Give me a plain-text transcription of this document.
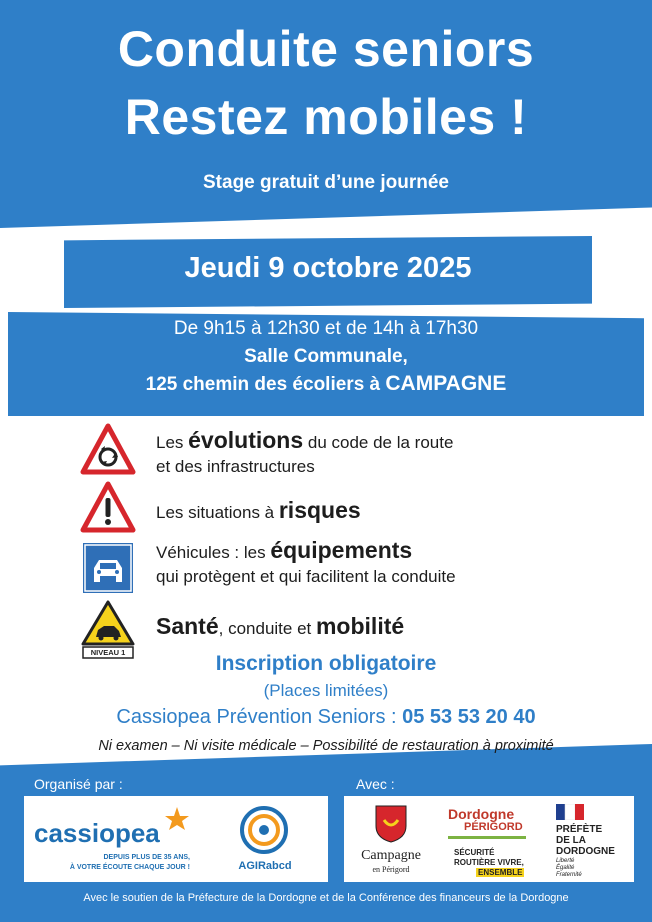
Conduite seniors
Restez mobiles !
Stage gratuit d’une journée
Jeudi 9 octobre 2025
De 9h15 à 12h30 et de 14h à 17h30
Salle Communale,
125 chemin des écoliers à CAMPAGNE
Les évolutions du code de la route
et des infrastructures
Les situations à risques
Véhicules : les équipements
qui protègent et qui facilitent la conduite
NIVEAU 1
Santé, conduite et mobilité
Inscription obligatoire
(Places limitées)
Cassiopea Prévention Seniors : 05 53 53 20 40
Ni examen – Ni visite médicale – Possibilité de restauration à proximité
Organisé par :	Avec :
cassiopea
DEPUIS PLUS DE 35 ANS,
À VOTRE ÉCOUTE CHAQUE JOUR !	AGIRabcd
Campagne
en Périgord
Dordogne
PÉRIGORD
SÉCURITÉ
ROUTIÈRE VIVRE,
ENSEMBLE
PRÉFÈTE
DE LA
DORDOGNE
Liberté
Égalité
Fraternité
Avec le soutien de la Préfecture de la Dordogne et de la Conférence des financeurs de la Dordogne
